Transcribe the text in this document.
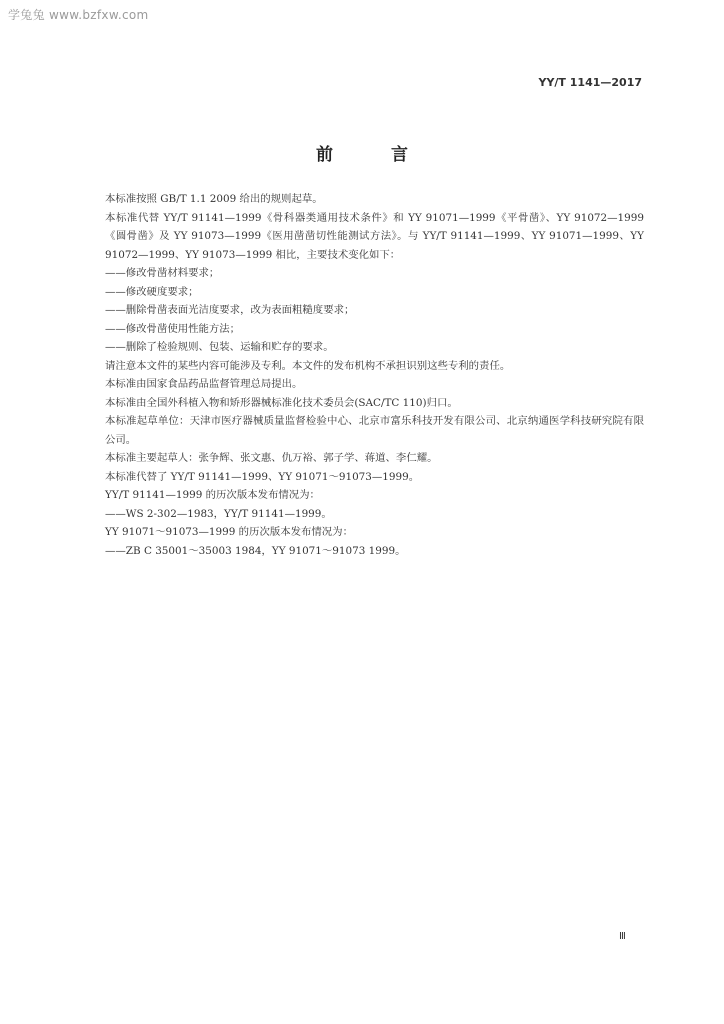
学兔兔 www.bzfxw.com
YY/T 1141—2017
前 言

本标准按照 GB/T 1.1 2009 给出的规则起草。

本标准代替 YY/T 91141—1999《骨科器类通用技术条件》和 YY 91071—1999《平骨凿》、YY 91072—1999《圆骨凿》及 YY 91073—1999《医用凿凿切性能测试方法》。与 YY/T 91141—1999、YY 91071—1999、YY 91072—1999、YY 91073—1999 相比，主要技术变化如下：

——修改骨凿材料要求；

——修改硬度要求；

——删除骨凿表面光洁度要求，改为表面粗糙度要求；

——修改骨凿使用性能方法；

——删除了检验规则、包装、运输和贮存的要求。

请注意本文件的某些内容可能涉及专利。本文件的发布机构不承担识别这些专利的责任。

本标准由国家食品药品监督管理总局提出。

本标准由全国外科植入物和矫形器械标准化技术委员会(SAC/TC 110)归口。

本标准起草单位：天津市医疗器械质量监督检验中心、北京市富乐科技开发有限公司、北京纳通医学科技研究院有限公司。

本标准主要起草人：张争辉、张文惠、仇万裕、郭子学、蒋道、李仁耀。

本标准代替了 YY/T 91141—1999、YY 91071～91073—1999。

YY/T 91141—1999 的历次版本发布情况为：

——WS 2-302—1983，YY/T 91141—1999。

YY 91071～91073—1999 的历次版本发布情况为：

——ZB C 35001～35003 1984，YY 91071～91073 1999。

Ⅲ
